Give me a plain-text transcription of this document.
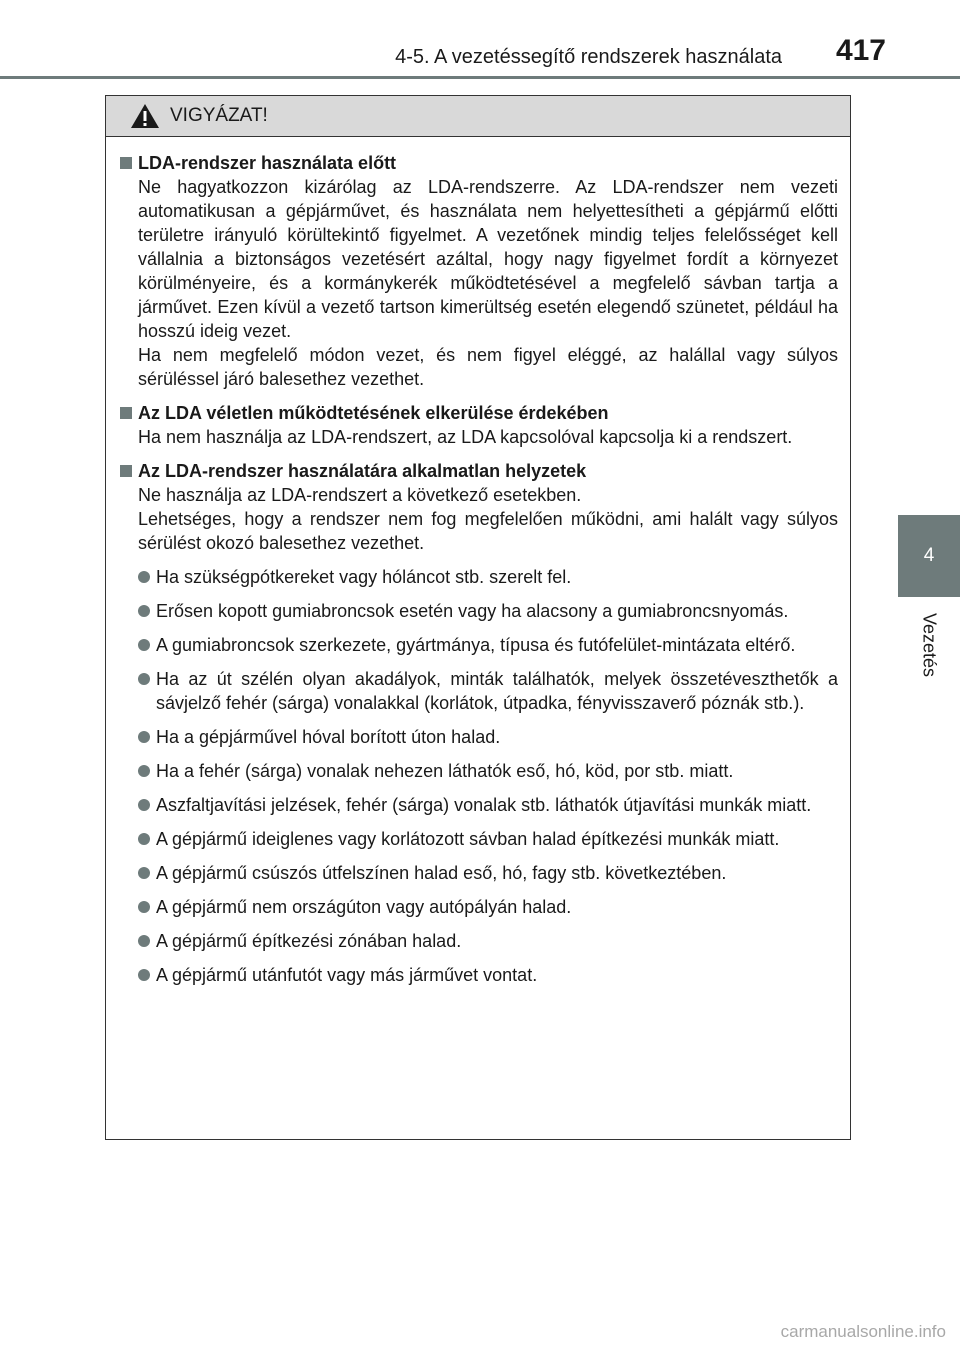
4-5. A vezetéssegítő rendszerek használata 417
4
Vezetés
VIGYÁZAT!
LDA-rendszer használata előtt
Ne hagyatkozzon kizárólag az LDA-rendszerre. Az LDA-rendszer nem vezeti automatikusan a gépjárművet, és használata nem helyettesítheti a gépjármű előtti területre irányuló körültekintő figyelmet. A vezetőnek mindig teljes felelősséget kell vállalnia a biztonságos vezetésért azáltal, hogy nagy figyelmet fordít a környezet körülményeire, és a kormánykerék működtetésével a megfelelő sávban tartja a járművet. Ezen kívül a vezető tartson kimerültség esetén elegendő szünetet, például ha hosszú ideig vezet.
Ha nem megfelelő módon vezet, és nem figyel eléggé, az halállal vagy súlyos sérüléssel járó balesethez vezethet.
Az LDA véletlen működtetésének elkerülése érdekében
Ha nem használja az LDA-rendszert, az LDA kapcsolóval kapcsolja ki a rendszert.
Az LDA-rendszer használatára alkalmatlan helyzetek
Ne használja az LDA-rendszert a következő esetekben.
Lehetséges, hogy a rendszer nem fog megfelelően működni, ami halált vagy súlyos sérülést okozó balesethez vezethet.
Ha szükségpótkereket vagy hóláncot stb. szerelt fel.
Erősen kopott gumiabroncsok esetén vagy ha alacsony a gumiabroncsnyomás.
A gumiabroncsok szerkezete, gyártmánya, típusa és futófelület-mintázata eltérő.
Ha az út szélén olyan akadályok, minták találhatók, melyek összetéveszthetők a sávjelző fehér (sárga) vonalakkal (korlátok, útpadka, fényvisszaverő póznák stb.).
Ha a gépjárművel hóval borított úton halad.
Ha a fehér (sárga) vonalak nehezen láthatók eső, hó, köd, por stb. miatt.
Aszfaltjavítási jelzések, fehér (sárga) vonalak stb. láthatók útjavítási munkák miatt.
A gépjármű ideiglenes vagy korlátozott sávban halad építkezési munkák miatt.
A gépjármű csúszós útfelszínen halad eső, hó, fagy stb. következtében.
A gépjármű nem országúton vagy autópályán halad.
A gépjármű építkezési zónában halad.
A gépjármű utánfutót vagy más járművet vontat.
carmanualsonline.info
